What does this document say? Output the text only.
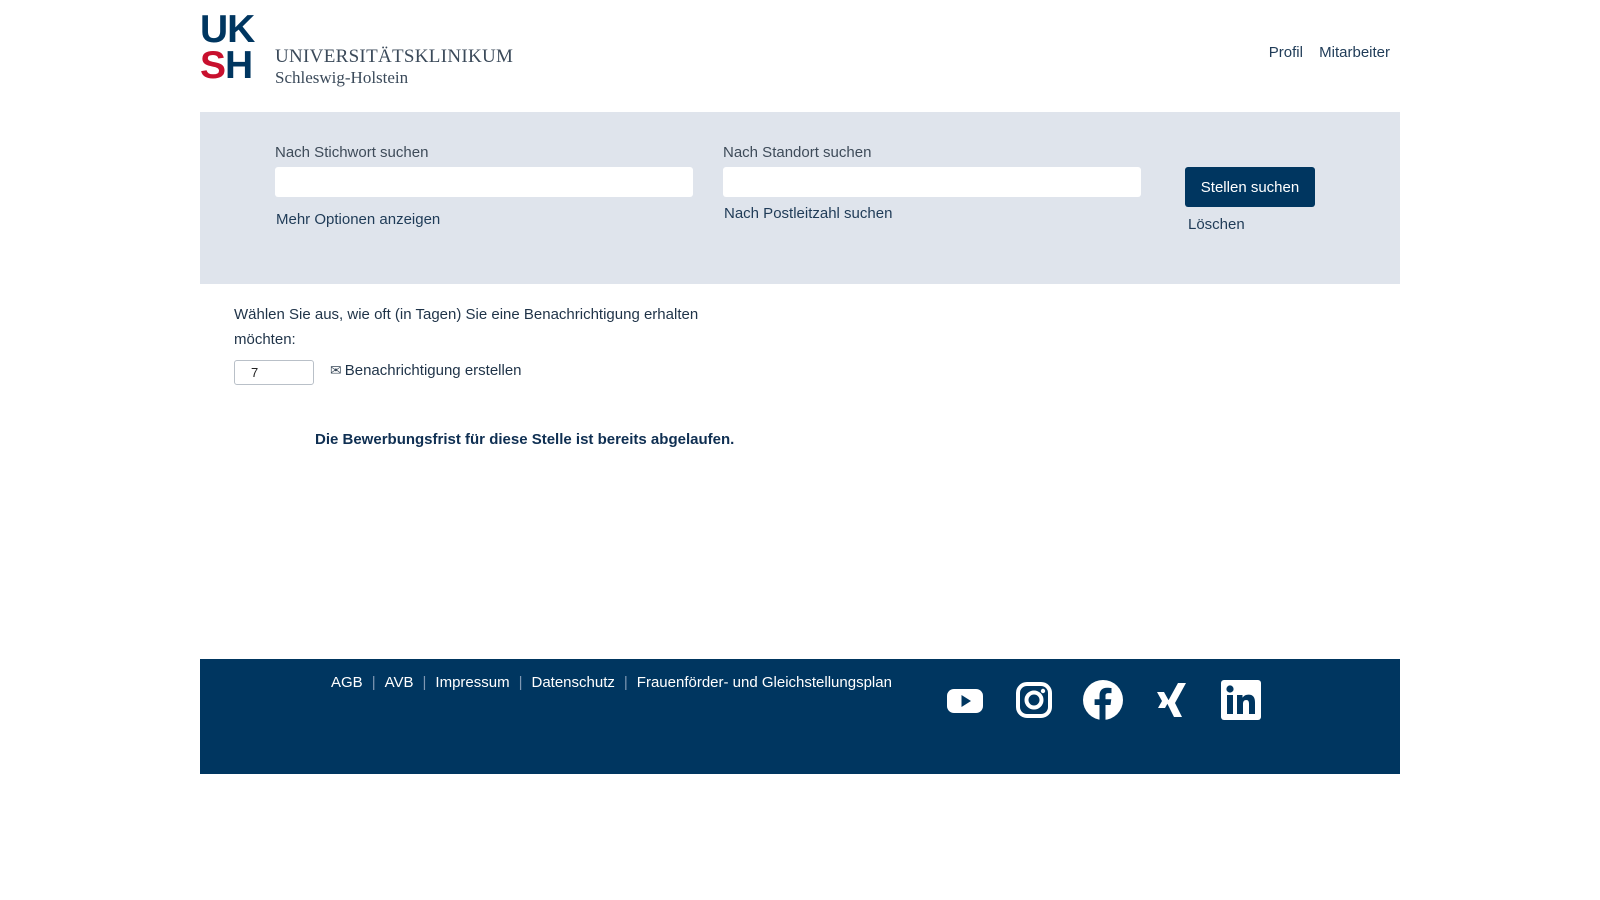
UK
SH	UNIVERSITÄTSKLINIKUM
Schleswig-Holstein
Profil Mitarbeiter
Nach Stichwort suchen
Mehr Optionen anzeigen
Nach Standort suchen
Nach Postleitzahl suchen
Stellen suchen
Löschen

Wählen Sie aus, wie oft (in Tagen) Sie eine Benachrichtigung erhalten möchten:

7
✉ Benachrichtigung erstellen
Die Bewerbungsfrist für diese Stelle ist bereits abgelaufen.
AGB | AVB | Impressum | Datenschutz | Frauenförder- und Gleichstellungsplan
